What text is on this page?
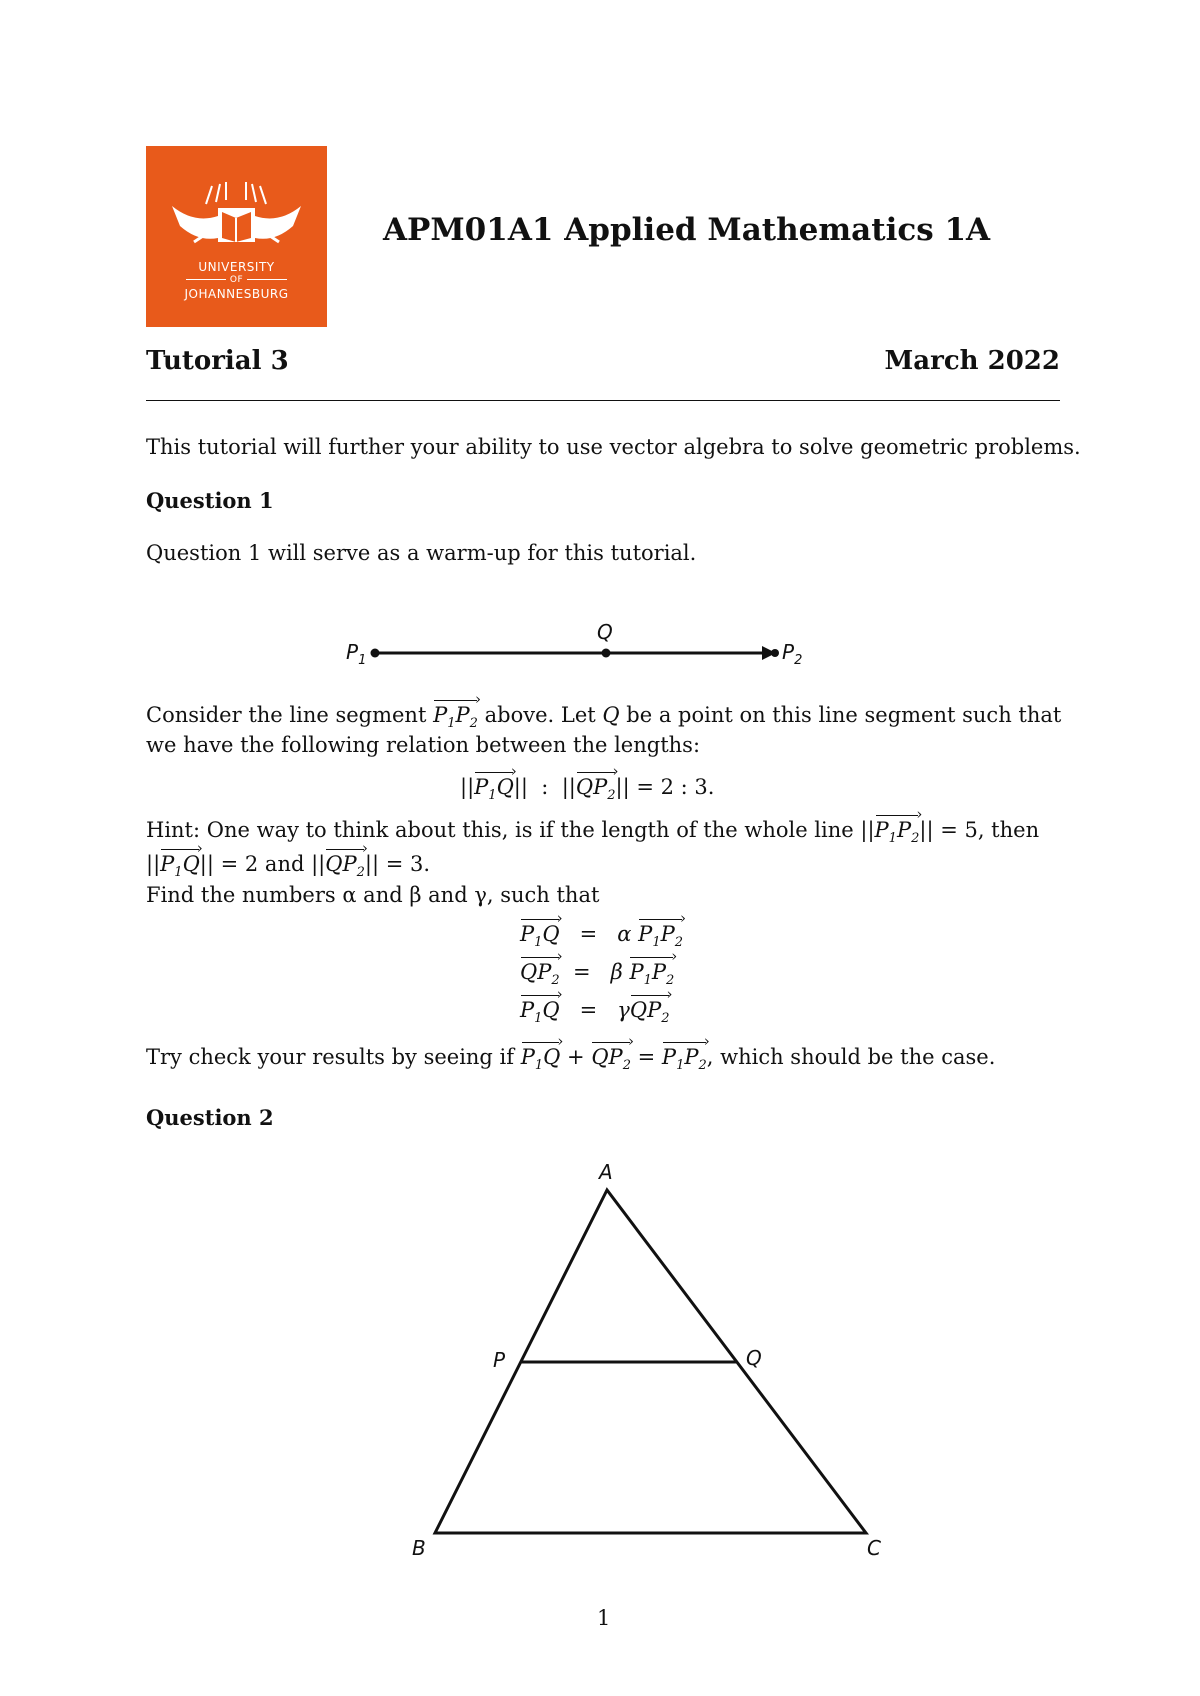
UNIVERSITY
OF
JOHANNESBURG
APM01A1 Applied Mathematics 1A
Tutorial 3	March 2022
This tutorial will further your ability to use vector algebra to solve geometric problems.
Question 1
Question 1 will serve as a warm-up for this tutorial.
$P_1$
Q
$P_2$
Consider the line segment $P_1P_2$ › above. Let Q be a point on this line segment such that
we have the following relation between the lengths:
$||P_1Q$ ›||  :  $||QP_2$ ›|| = 2 : 3.
Hint: One way to think about this, is if the length of the whole line $||P_1P_2$ ›|| = 5, then
$||P_1Q$ ›|| = 2 and $||QP_2$ ›|| = 3.
Find the numbers α and β and γ, such that
$P_1Q$ ›   =   α $P_1P_2$ ›
$QP_2$ ›  =   β $P_1P_2$ ›
$P_1Q$ ›   =   γQP$_2$ ›
Try check your results by seeing if $P_1Q$ › + $QP_2$ › = $P_1P_2$ ›, which should be the case.
Question 2
A
P	Q
B	C
1
